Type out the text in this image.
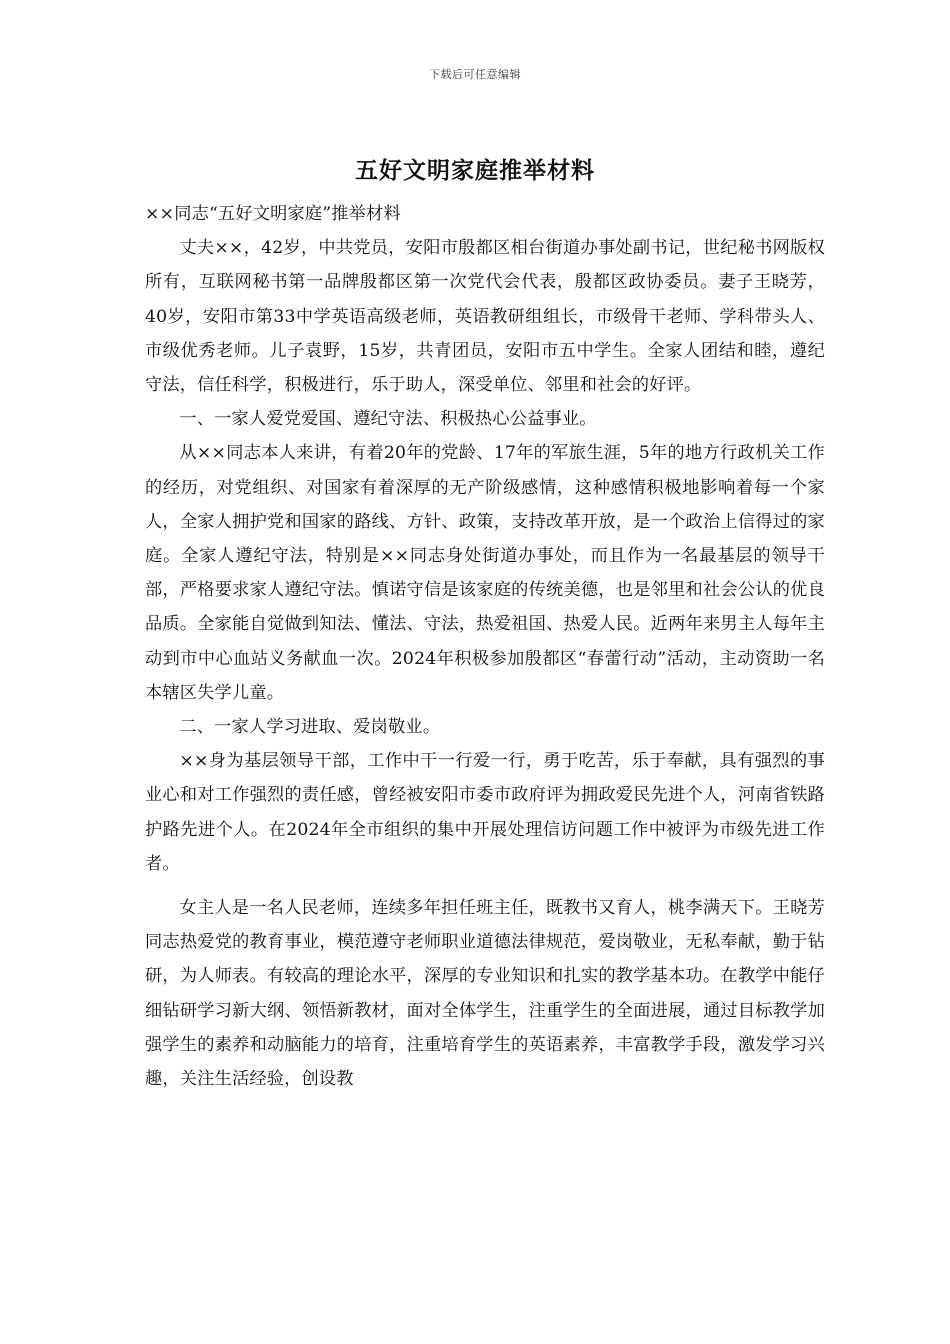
下载后可任意编辑
五好文明家庭推举材料

××同志“五好文明家庭”推举材料

丈夫××，42岁，中共党员，安阳市殷都区相台街道办事处副书记，世纪秘书网版权所有，互联网秘书第一品牌殷都区第一次党代会代表，殷都区政协委员。妻子王晓芳，40岁，安阳市第33中学英语高级老师，英语教研组组长，市级骨干老师、学科带头人、市级优秀老师。儿子袁野，15岁，共青团员，安阳市五中学生。全家人团结和睦，遵纪守法，信任科学，积极进行，乐于助人，深受单位、邻里和社会的好评。

一、一家人爱党爱国、遵纪守法、积极热心公益事业。

从××同志本人来讲，有着20年的党龄、17年的军旅生涯，5年的地方行政机关工作的经历，对党组织、对国家有着深厚的无产阶级感情，这种感情积极地影响着每一个家人，全家人拥护党和国家的路线、方针、政策，支持改革开放，是一个政治上信得过的家庭。全家人遵纪守法，特别是××同志身处街道办事处，而且作为一名最基层的领导干部，严格要求家人遵纪守法。慎诺守信是该家庭的传统美德，也是邻里和社会公认的优良品质。全家能自觉做到知法、懂法、守法，热爱祖国、热爱人民。近两年来男主人每年主动到市中心血站义务献血一次。2024年积极参加殷都区“春蕾行动”活动，主动资助一名本辖区失学儿童。

二、一家人学习进取、爱岗敬业。

××身为基层领导干部，工作中干一行爱一行，勇于吃苦，乐于奉献，具有强烈的事业心和对工作强烈的责任感，曾经被安阳市委市政府评为拥政爱民先进个人，河南省铁路护路先进个人。在2024年全市组织的集中开展处理信访问题工作中被评为市级先进工作者。

女主人是一名人民老师，连续多年担任班主任，既教书又育人，桃李满天下。王晓芳同志热爱党的教育事业，模范遵守老师职业道德法律规范，爱岗敬业，无私奉献，勤于钻研，为人师表。有较高的理论水平，深厚的专业知识和扎实的教学基本功。在教学中能仔细钻研学习新大纲、领悟新教材，面对全体学生，注重学生的全面进展，通过目标教学加强学生的素养和动脑能力的培育，注重培育学生的英语素养，丰富教学手段，激发学习兴趣，关注生活经验，创设教
